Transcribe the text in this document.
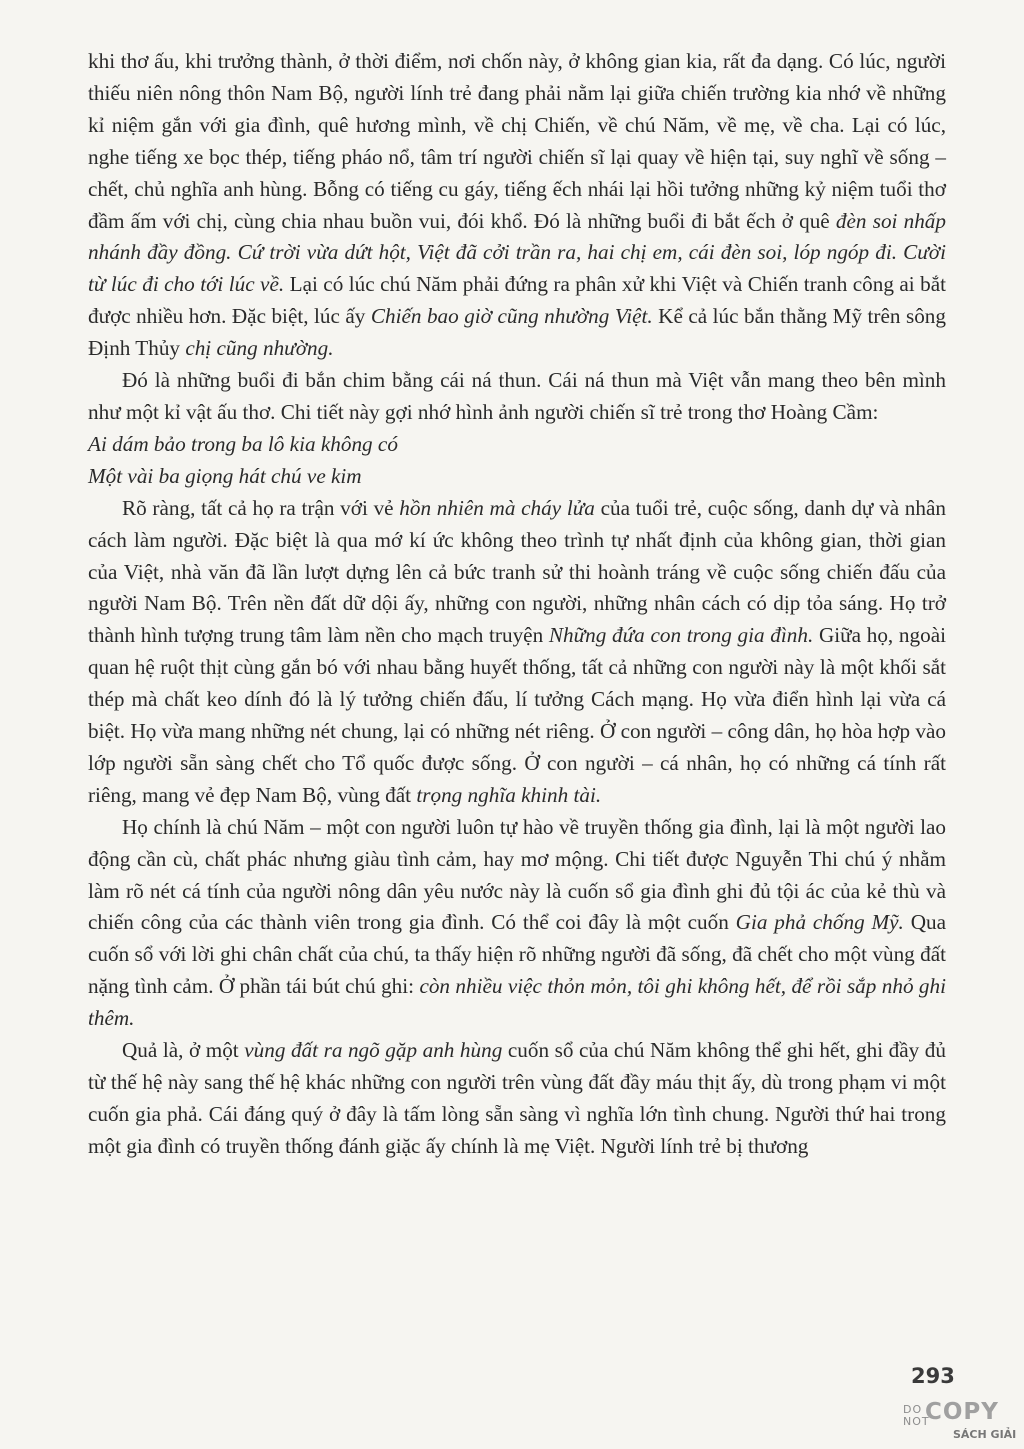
khi thơ ấu, khi trưởng thành, ở thời điểm, nơi chốn này, ở không gian kia, rất đa dạng. Có lúc, người thiếu niên nông thôn Nam Bộ, người lính trẻ đang phải nằm lại giữa chiến trường kia nhớ về những kỉ niệm gắn với gia đình, quê hương mình, về chị Chiến, về chú Năm, về mẹ, về cha. Lại có lúc, nghe tiếng xe bọc thép, tiếng pháo nổ, tâm trí người chiến sĩ lại quay về hiện tại, suy nghĩ về sống – chết, chủ nghĩa anh hùng. Bỗng có tiếng cu gáy, tiếng ếch nhái lại hồi tưởng những kỷ niệm tuổi thơ đầm ấm với chị, cùng chia nhau buồn vui, đói khổ. Đó là những buổi đi bắt ếch ở quê đèn soi nhấp nhánh đầy đồng. Cứ trời vừa dứt hột, Việt đã cởi trần ra, hai chị em, cái đèn soi, lóp ngóp đi. Cười từ lúc đi cho tới lúc về. Lại có lúc chú Năm phải đứng ra phân xử khi Việt và Chiến tranh công ai bắt được nhiều hơn. Đặc biệt, lúc ấy Chiến bao giờ cũng nhường Việt. Kể cả lúc bắn thằng Mỹ trên sông Định Thủy chị cũng nhường.

Đó là những buổi đi bắn chim bằng cái ná thun. Cái ná thun mà Việt vẫn mang theo bên mình như một kỉ vật ấu thơ. Chi tiết này gợi nhớ hình ảnh người chiến sĩ trẻ trong thơ Hoàng Cầm:

Ai dám bảo trong ba lô kia không có

Một vài ba giọng hát chú ve kim

Rõ ràng, tất cả họ ra trận với vẻ hồn nhiên mà cháy lửa của tuổi trẻ, cuộc sống, danh dự và nhân cách làm người. Đặc biệt là qua mớ kí ức không theo trình tự nhất định của không gian, thời gian của Việt, nhà văn đã lần lượt dựng lên cả bức tranh sử thi hoành tráng về cuộc sống chiến đấu của người Nam Bộ. Trên nền đất dữ dội ấy, những con người, những nhân cách có dịp tỏa sáng. Họ trở thành hình tượng trung tâm làm nền cho mạch truyện Những đứa con trong gia đình. Giữa họ, ngoài quan hệ ruột thịt cùng gắn bó với nhau bằng huyết thống, tất cả những con người này là một khối sắt thép mà chất keo dính đó là lý tưởng chiến đấu, lí tưởng Cách mạng. Họ vừa điển hình lại vừa cá biệt. Họ vừa mang những nét chung, lại có những nét riêng. Ở con người – công dân, họ hòa hợp vào lớp người sẵn sàng chết cho Tổ quốc được sống. Ở con người – cá nhân, họ có những cá tính rất riêng, mang vẻ đẹp Nam Bộ, vùng đất trọng nghĩa khinh tài.

Họ chính là chú Năm – một con người luôn tự hào về truyền thống gia đình, lại là một người lao động cần cù, chất phác nhưng giàu tình cảm, hay mơ mộng. Chi tiết được Nguyễn Thi chú ý nhằm làm rõ nét cá tính của người nông dân yêu nước này là cuốn sổ gia đình ghi đủ tội ác của kẻ thù và chiến công của các thành viên trong gia đình. Có thể coi đây là một cuốn Gia phả chống Mỹ. Qua cuốn sổ với lời ghi chân chất của chú, ta thấy hiện rõ những người đã sống, đã chết cho một vùng đất nặng tình cảm. Ở phần tái bút chú ghi: còn nhiều việc thỏn mỏn, tôi ghi không hết, để rồi sắp nhỏ ghi thêm.

Quả là, ở một vùng đất ra ngõ gặp anh hùng cuốn sổ của chú Năm không thể ghi hết, ghi đầy đủ từ thế hệ này sang thế hệ khác những con người trên vùng đất đầy máu thịt ấy, dù trong phạm vi một cuốn gia phả. Cái đáng quý ở đây là tấm lòng sẵn sàng vì nghĩa lớn tình chung. Người thứ hai trong một gia đình có truyền thống đánh giặc ấy chính là mẹ Việt. Người lính trẻ bị thương

293
DO
NOT
COPY
SÁCH GIẢI
